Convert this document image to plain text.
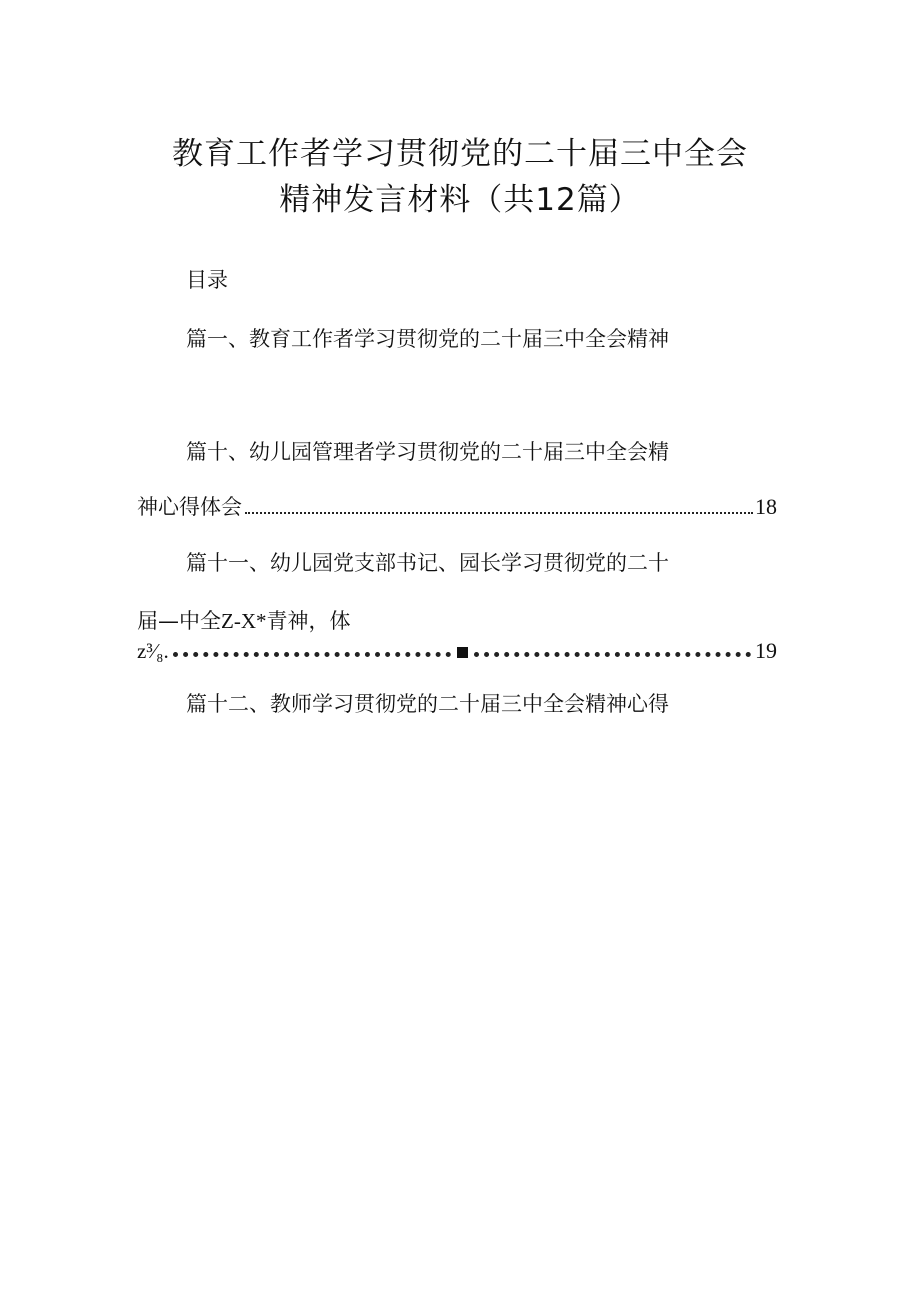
教育工作者学习贯彻党的二十届三中全会
精神发言材料（共12篇）
目录
篇一、教育工作者学习贯彻党的二十届三中全会精神
篇十、幼儿园管理者学习贯彻党的二十届三中全会精
神心得体会	18
篇十一、幼儿园党支部书记、园长学习贯彻党的二十
届—中全Z-X*青神，体
z³⁄₈.	19
篇十二、教师学习贯彻党的二十届三中全会精神心得
